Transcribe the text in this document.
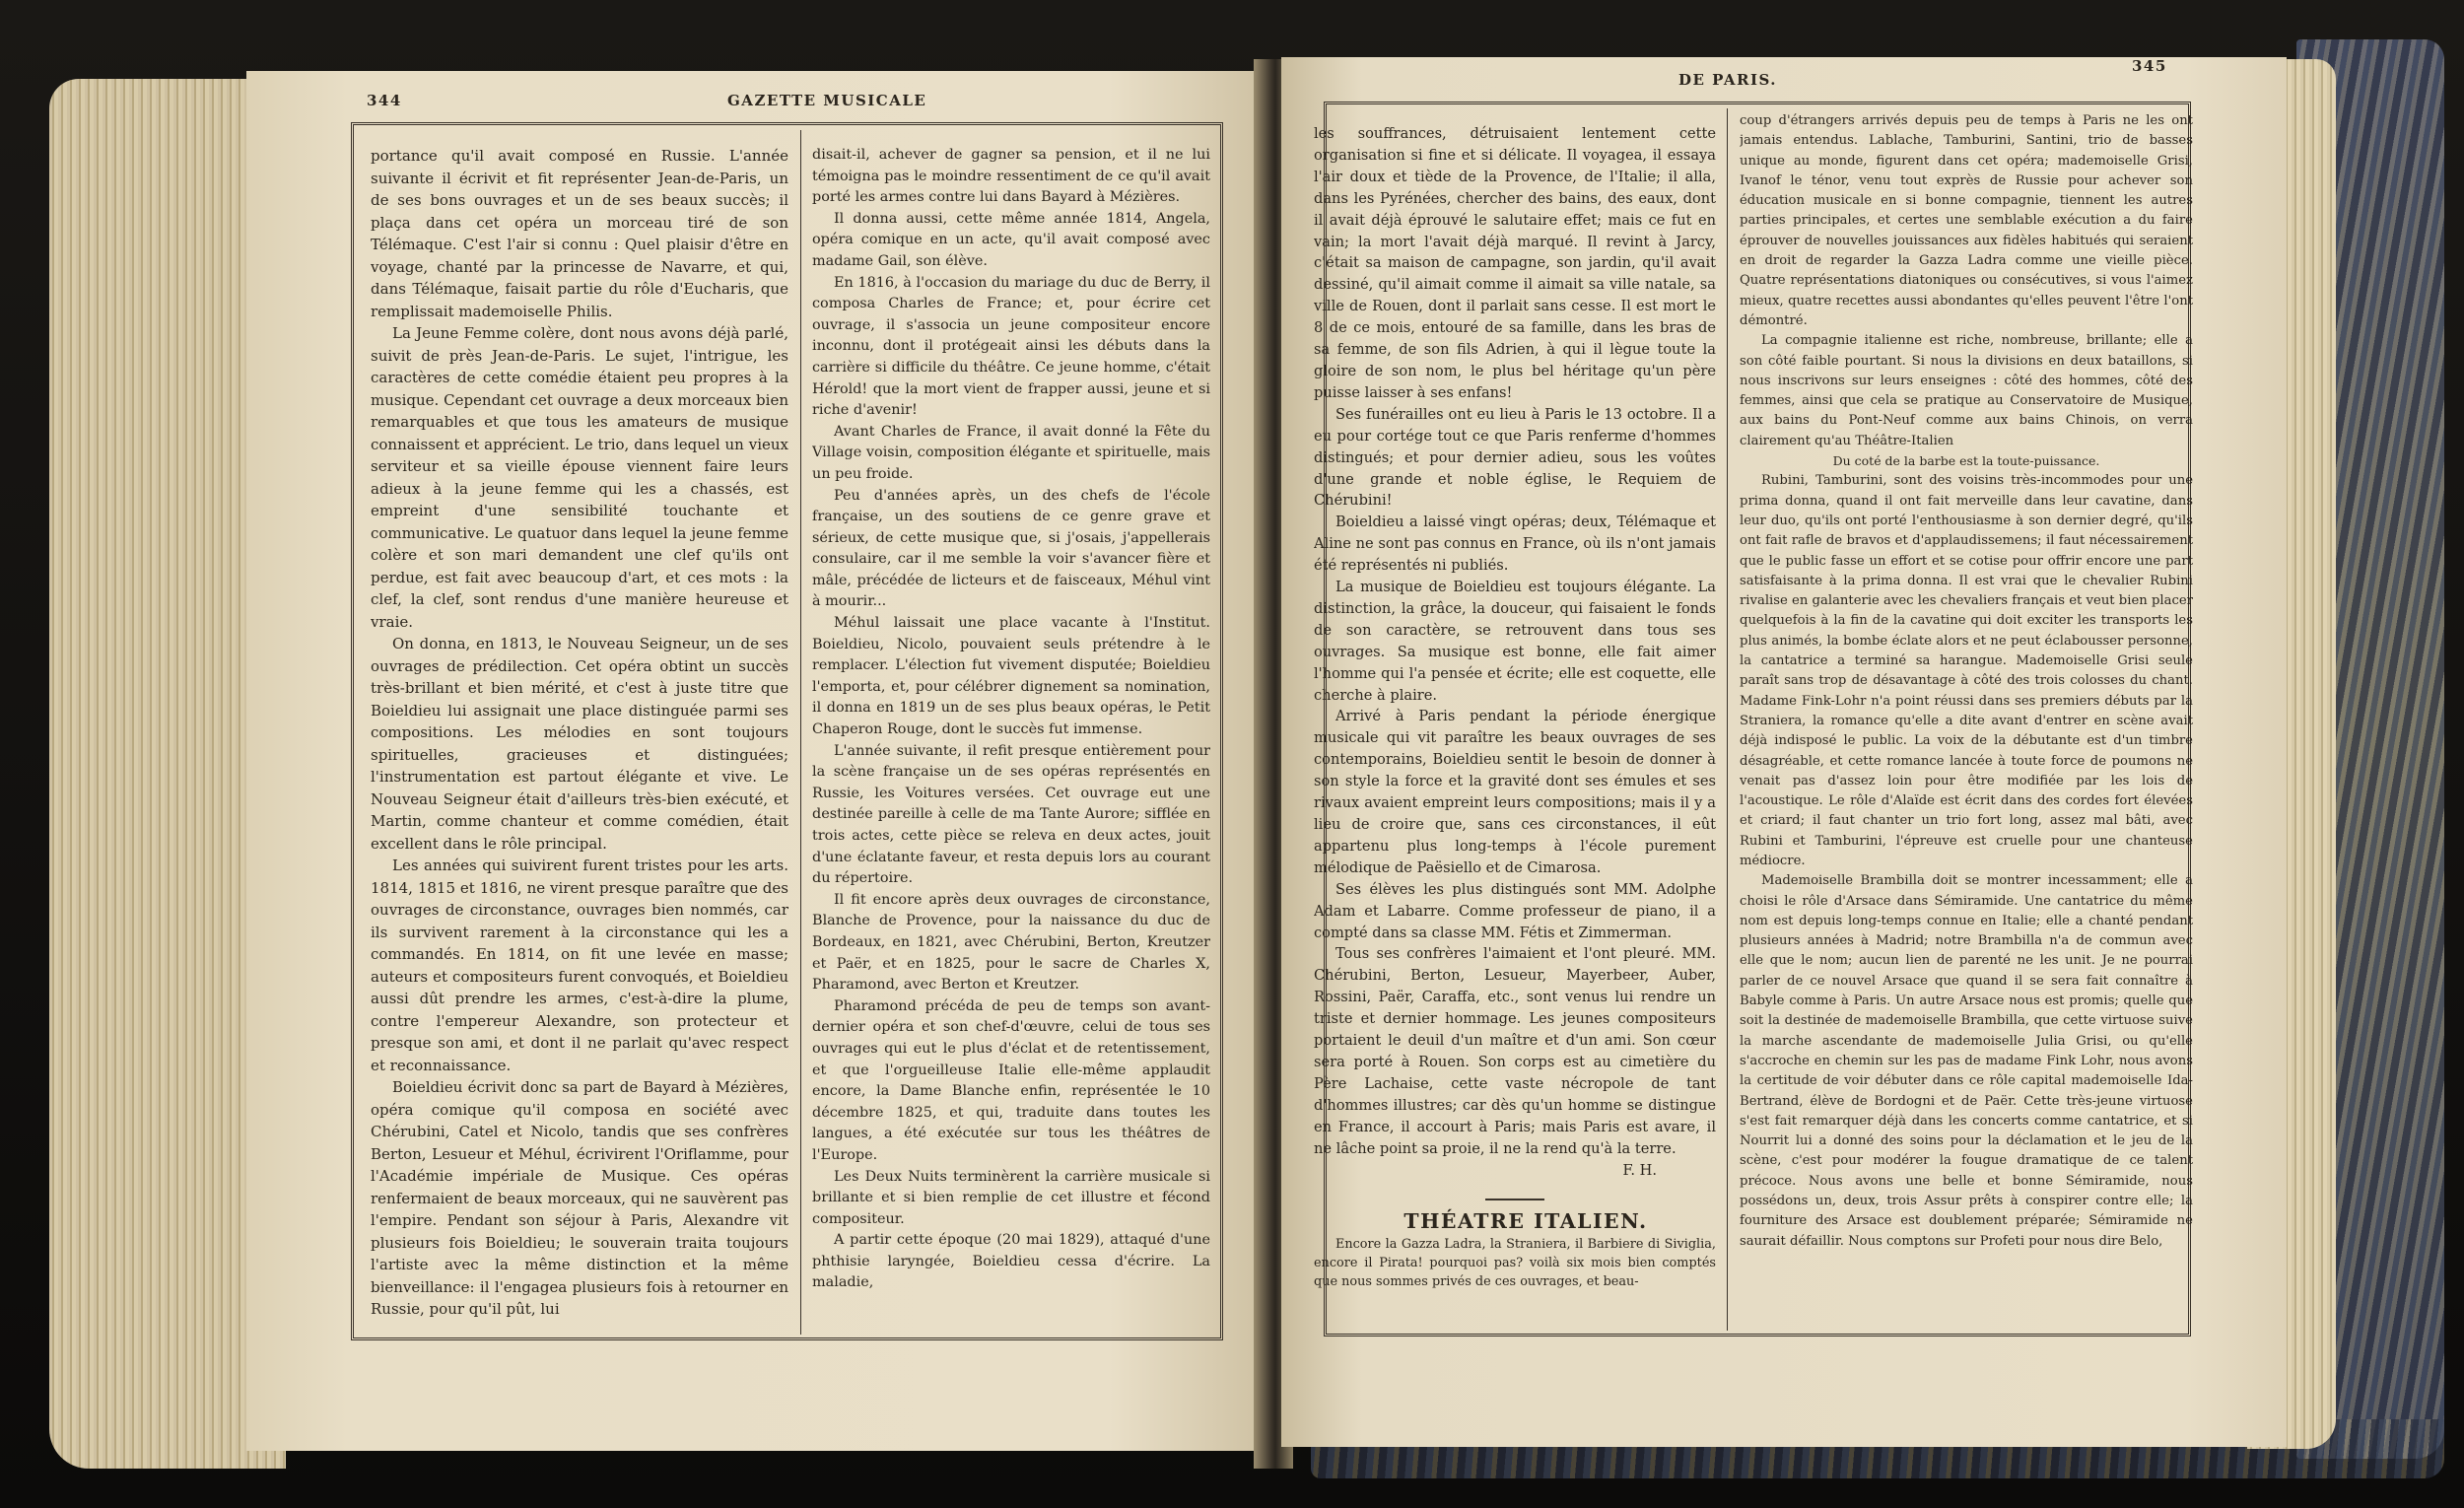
344	GAZETTE MUSICALE

portance qu'il avait composé en Russie. L'année suivante il écrivit et fit représenter Jean-de-Paris, un de ses bons ouvrages et un de ses beaux succès; il plaça dans cet opéra un morceau tiré de son Télémaque. C'est l'air si connu : Quel plaisir d'être en voyage, chanté par la princesse de Navarre, et qui, dans Télémaque, faisait partie du rôle d'Eucharis, que remplissait mademoiselle Philis.

La Jeune Femme colère, dont nous avons déjà parlé, suivit de près Jean-de-Paris. Le sujet, l'intrigue, les caractères de cette comédie étaient peu propres à la musique. Cependant cet ouvrage a deux morceaux bien remarquables et que tous les amateurs de musique connaissent et apprécient. Le trio, dans lequel un vieux serviteur et sa vieille épouse viennent faire leurs adieux à la jeune femme qui les a chassés, est empreint d'une sensibilité touchante et communicative. Le quatuor dans lequel la jeune femme colère et son mari demandent une clef qu'ils ont perdue, est fait avec beaucoup d'art, et ces mots : la clef, la clef, sont rendus d'une manière heureuse et vraie.

On donna, en 1813, le Nouveau Seigneur, un de ses ouvrages de prédilection. Cet opéra obtint un succès très-brillant et bien mérité, et c'est à juste titre que Boieldieu lui assignait une place distinguée parmi ses compositions. Les mélodies en sont toujours spirituelles, gracieuses et distinguées; l'instrumentation est partout élégante et vive. Le Nouveau Seigneur était d'ailleurs très-bien exécuté, et Martin, comme chanteur et comme comédien, était excellent dans le rôle principal.

Les années qui suivirent furent tristes pour les arts. 1814, 1815 et 1816, ne virent presque paraître que des ouvrages de circonstance, ouvrages bien nommés, car ils survivent rarement à la circonstance qui les a commandés. En 1814, on fit une levée en masse; auteurs et compositeurs furent convoqués, et Boieldieu aussi dût prendre les armes, c'est-à-dire la plume, contre l'empereur Alexandre, son protecteur et presque son ami, et dont il ne parlait qu'avec respect et reconnaissance.

Boieldieu écrivit donc sa part de Bayard à Mézières, opéra comique qu'il composa en société avec Chérubini, Catel et Nicolo, tandis que ses confrères Berton, Lesueur et Méhul, écrivirent l'Oriflamme, pour l'Académie impériale de Musique. Ces opéras renfermaient de beaux morceaux, qui ne sauvèrent pas l'empire. Pendant son séjour à Paris, Alexandre vit plusieurs fois Boieldieu; le souverain traita toujours l'artiste avec la même distinction et la même bienveillance: il l'engagea plusieurs fois à retourner en Russie, pour qu'il pût, lui

disait-il, achever de gagner sa pension, et il ne lui témoigna pas le moindre ressentiment de ce qu'il avait porté les armes contre lui dans Bayard à Mézières.

Il donna aussi, cette même année 1814, Angela, opéra comique en un acte, qu'il avait composé avec madame Gail, son élève.

En 1816, à l'occasion du mariage du duc de Berry, il composa Charles de France; et, pour écrire cet ouvrage, il s'associa un jeune compositeur encore inconnu, dont il protégeait ainsi les débuts dans la carrière si difficile du théâtre. Ce jeune homme, c'était Hérold! que la mort vient de frapper aussi, jeune et si riche d'avenir!

Avant Charles de France, il avait donné la Fête du Village voisin, composition élégante et spirituelle, mais un peu froide.

Peu d'années après, un des chefs de l'école française, un des soutiens de ce genre grave et sérieux, de cette musique que, si j'osais, j'appellerais consulaire, car il me semble la voir s'avancer fière et mâle, précédée de licteurs et de faisceaux, Méhul vint à mourir...

Méhul laissait une place vacante à l'Institut. Boieldieu, Nicolo, pouvaient seuls prétendre à le remplacer. L'élection fut vivement disputée; Boieldieu l'emporta, et, pour célébrer dignement sa nomination, il donna en 1819 un de ses plus beaux opéras, le Petit Chaperon Rouge, dont le succès fut immense.

L'année suivante, il refit presque entièrement pour la scène française un de ses opéras représentés en Russie, les Voitures versées. Cet ouvrage eut une destinée pareille à celle de ma Tante Aurore; sifflée en trois actes, cette pièce se releva en deux actes, jouit d'une éclatante faveur, et resta depuis lors au courant du répertoire.

Il fit encore après deux ouvrages de circonstance, Blanche de Provence, pour la naissance du duc de Bordeaux, en 1821, avec Chérubini, Berton, Kreutzer et Paër, et en 1825, pour le sacre de Charles X, Pharamond, avec Berton et Kreutzer.

Pharamond précéda de peu de temps son avant-dernier opéra et son chef-d'œuvre, celui de tous ses ouvrages qui eut le plus d'éclat et de retentissement, et que l'orgueilleuse Italie elle-même applaudit encore, la Dame Blanche enfin, représentée le 10 décembre 1825, et qui, traduite dans toutes les langues, a été exécutée sur tous les théâtres de l'Europe.

Les Deux Nuits terminèrent la carrière musicale si brillante et si bien remplie de cet illustre et fécond compositeur.

A partir cette époque (20 mai 1829), attaqué d'une phthisie laryngée, Boieldieu cessa d'écrire. La maladie,

DE PARIS.
345

les souffrances, détruisaient lentement cette organisation si fine et si délicate. Il voyagea, il essaya l'air doux et tiède de la Provence, de l'Italie; il alla, dans les Pyrénées, chercher des bains, des eaux, dont il avait déjà éprouvé le salutaire effet; mais ce fut en vain; la mort l'avait déjà marqué. Il revint à Jarcy, c'était sa maison de campagne, son jardin, qu'il avait dessiné, qu'il aimait comme il aimait sa ville natale, sa ville de Rouen, dont il parlait sans cesse. Il est mort le 8 de ce mois, entouré de sa famille, dans les bras de sa femme, de son fils Adrien, à qui il lègue toute la gloire de son nom, le plus bel héritage qu'un père puisse laisser à ses enfans!

Ses funérailles ont eu lieu à Paris le 13 octobre. Il a eu pour cortége tout ce que Paris renferme d'hommes distingués; et pour dernier adieu, sous les voûtes d'une grande et noble église, le Requiem de Chérubini!

Boieldieu a laissé vingt opéras; deux, Télémaque et Aline ne sont pas connus en France, où ils n'ont jamais été représentés ni publiés.

La musique de Boieldieu est toujours élégante. La distinction, la grâce, la douceur, qui faisaient le fonds de son caractère, se retrouvent dans tous ses ouvrages. Sa musique est bonne, elle fait aimer l'homme qui l'a pensée et écrite; elle est coquette, elle cherche à plaire.

Arrivé à Paris pendant la période énergique musicale qui vit paraître les beaux ouvrages de ses contemporains, Boieldieu sentit le besoin de donner à son style la force et la gravité dont ses émules et ses rivaux avaient empreint leurs compositions; mais il y a lieu de croire que, sans ces circonstances, il eût appartenu plus long-temps à l'école purement mélodique de Paësiello et de Cimarosa.

Ses élèves les plus distingués sont MM. Adolphe Adam et Labarre. Comme professeur de piano, il a compté dans sa classe MM. Fétis et Zimmerman.

Tous ses confrères l'aimaient et l'ont pleuré. MM. Chérubini, Berton, Lesueur, Mayerbeer, Auber, Rossini, Paër, Caraffa, etc., sont venus lui rendre un triste et dernier hommage. Les jeunes compositeurs portaient le deuil d'un maître et d'un ami. Son cœur sera porté à Rouen. Son corps est au cimetière du Père Lachaise, cette vaste nécropole de tant d'hommes illustres; car dès qu'un homme se distingue en France, il accourt à Paris; mais Paris est avare, il ne lâche point sa proie, il ne la rend qu'à la terre.

F. H.

THÉATRE ITALIEN.

Encore la Gazza Ladra, la Straniera, il Barbiere di Siviglia, encore il Pirata! pourquoi pas? voilà six mois bien comptés que nous sommes privés de ces ouvrages, et beau-

coup d'étrangers arrivés depuis peu de temps à Paris ne les ont jamais entendus. Lablache, Tamburini, Santini, trio de basses unique au monde, figurent dans cet opéra; mademoiselle Grisi, Ivanof le ténor, venu tout exprès de Russie pour achever son éducation musicale en si bonne compagnie, tiennent les autres parties principales, et certes une semblable exécution a du faire éprouver de nouvelles jouissances aux fidèles habitués qui seraient en droit de regarder la Gazza Ladra comme une vieille pièce. Quatre représentations diatoniques ou consécutives, si vous l'aimez mieux, quatre recettes aussi abondantes qu'elles peuvent l'être l'ont démontré.

La compagnie italienne est riche, nombreuse, brillante; elle a son côté faible pourtant. Si nous la divisions en deux bataillons, si nous inscrivons sur leurs enseignes : côté des hommes, côté des femmes, ainsi que cela se pratique au Conservatoire de Musique, aux bains du Pont-Neuf comme aux bains Chinois, on verra clairement qu'au Théâtre-Italien

Du coté de la barbe est la toute-puissance.

Rubini, Tamburini, sont des voisins très-incommodes pour une prima donna, quand il ont fait merveille dans leur cavatine, dans leur duo, qu'ils ont porté l'enthousiasme à son dernier degré, qu'ils ont fait rafle de bravos et d'applaudissemens; il faut nécessairement que le public fasse un effort et se cotise pour offrir encore une part satisfaisante à la prima donna. Il est vrai que le chevalier Rubini rivalise en galanterie avec les chevaliers français et veut bien placer quelquefois à la fin de la cavatine qui doit exciter les transports les plus animés, la bombe éclate alors et ne peut éclabousser personne, la cantatrice a terminé sa harangue. Mademoiselle Grisi seule paraît sans trop de désavantage à côté des trois colosses du chant. Madame Fink-Lohr n'a point réussi dans ses premiers débuts par la Straniera, la romance qu'elle a dite avant d'entrer en scène avait déjà indisposé le public. La voix de la débutante est d'un timbre désagréable, et cette romance lancée à toute force de poumons ne venait pas d'assez loin pour être modifiée par les lois de l'acoustique. Le rôle d'Alaïde est écrit dans des cordes fort élevées et criard; il faut chanter un trio fort long, assez mal bâti, avec Rubini et Tamburini, l'épreuve est cruelle pour une chanteuse médiocre.

Mademoiselle Brambilla doit se montrer incessamment; elle a choisi le rôle d'Arsace dans Sémiramide. Une cantatrice du même nom est depuis long-temps connue en Italie; elle a chanté pendant plusieurs années à Madrid; notre Brambilla n'a de commun avec elle que le nom; aucun lien de parenté ne les unit. Je ne pourrai parler de ce nouvel Arsace que quand il se sera fait connaître à Babyle comme à Paris. Un autre Arsace nous est promis; quelle que soit la destinée de mademoiselle Brambilla, que cette virtuose suive la marche ascendante de mademoiselle Julia Grisi, ou qu'elle s'accroche en chemin sur les pas de madame Fink Lohr, nous avons la certitude de voir débuter dans ce rôle capital mademoiselle Ida-Bertrand, élève de Bordogni et de Paër. Cette très-jeune virtuose s'est fait remarquer déjà dans les concerts comme cantatrice, et si Nourrit lui a donné des soins pour la déclamation et le jeu de la scène, c'est pour modérer la fougue dramatique de ce talent précoce. Nous avons une belle et bonne Sémiramide, nous possédons un, deux, trois Assur prêts à conspirer contre elle; la fourniture des Arsace est doublement préparée; Sémiramide ne saurait défaillir. Nous comptons sur Profeti pour nous dire Belo,
